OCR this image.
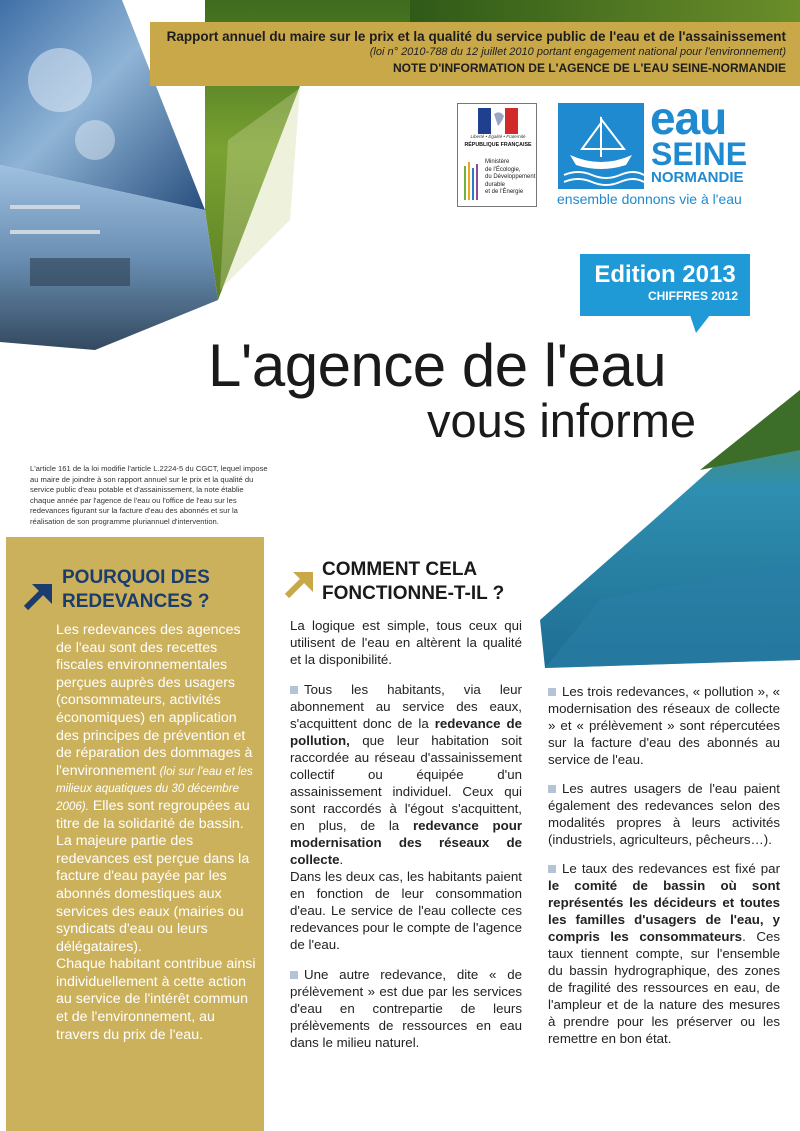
Rapport annuel du maire sur le prix et la qualité du service public de l'eau et de l'assainissement
(loi n° 2010-788 du 12 juillet 2010 portant engagement national pour l'environnement)
NOTE D'INFORMATION DE L'AGENCE DE L'EAU SEINE-NORMANDIE
Liberté • Égalité • Fraternité
RÉPUBLIQUE FRANÇAISE
Ministère
de l'Écologie,
du Développement
durable
et de l'Énergie
eau
SEINE
NORMANDIE
ensemble donnons vie à l'eau
Edition 2013
CHIFFRES 2012
L'agence de l'eau
vous informe
L'article 161 de la loi modifie l'article L.2224-5 du CGCT, lequel impose au maire de joindre à son rapport annuel sur le prix et la qualité du service public d'eau potable et d'assainissement, la note établie chaque année par l'agence de l'eau ou l'office de l'eau sur les redevances figurant sur la facture d'eau des abonnés et sur la réalisation de son programme pluriannuel d'intervention.
POURQUOI DES
REDEVANCES ?
Les redevances des agences de l'eau sont des recettes fiscales environnementales perçues auprès des usagers (consommateurs, activités économiques) en application des principes de prévention et de réparation des dommages à l'environnement (loi sur l'eau et les milieux aquatiques du 30 décembre 2006). Elles sont regroupées au titre de la solidarité de bassin.
La majeure partie des redevances est perçue dans la facture d'eau payée par les abonnés domestiques aux services des eaux (mairies ou syndicats d'eau ou leurs délégataires).
Chaque habitant contribue ainsi individuellement à cette action au service de l'intérêt commun et de l'environnement, au travers du prix de l'eau.
COMMENT CELA
FONCTIONNE-T-IL ?

La logique est simple, tous ceux qui utilisent de l'eau en altèrent la qualité et la disponibilité.

Tous les habitants, via leur abonnement au service des eaux, s'acquittent donc de la redevance de pollution, que leur habitation soit raccordée au réseau d'assainissement collectif ou équipée d'un assainissement individuel. Ceux qui sont raccordés à l'égout s'acquittent, en plus, de la redevance pour modernisation des réseaux de collecte.
Dans les deux cas, les habitants paient en fonction de leur consommation d'eau. Le service de l'eau collecte ces redevances pour le compte de l'agence de l'eau.

Une autre redevance, dite « de prélèvement » est due par les services d'eau en contrepartie de leurs prélèvements de ressources en eau dans le milieu naturel.

Les trois redevances, « pollution », « modernisation des réseaux de collecte » et « prélèvement » sont répercutées sur la facture d'eau des abonnés au service de l'eau.

Les autres usagers de l'eau paient également des redevances selon des modalités propres à leurs activités (industriels, agriculteurs, pêcheurs…).

Le taux des redevances est fixé par le comité de bassin où sont représentés les décideurs et toutes les familles d'usagers de l'eau, y compris les consommateurs. Ces taux tiennent compte, sur l'ensemble du bassin hydrographique, des zones de fragilité des ressources en eau, de l'ampleur et de la nature des mesures à prendre pour les préserver ou les remettre en bon état.
